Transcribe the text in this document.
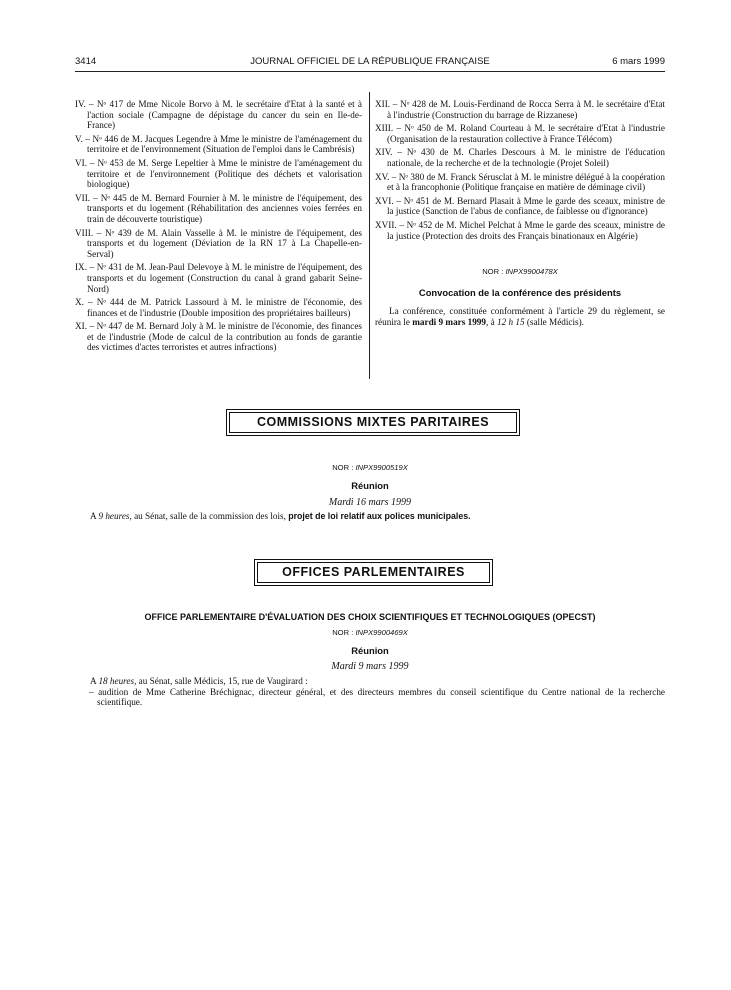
3414	JOURNAL OFFICIEL DE LA RÉPUBLIQUE FRANÇAISE	6 mars 1999
IV. – Nᵒ 417 de Mme Nicole Borvo à M. le secrétaire d'Etat à la santé et à l'action sociale (Campagne de dépistage du cancer du sein en Ile-de-France)
V. – Nᵒ 446 de M. Jacques Legendre à Mme le ministre de l'aménagement du territoire et de l'environnement (Situation de l'emploi dans le Cambrésis)
VI. – Nᵒ 453 de M. Serge Lepeltier à Mme le ministre de l'aménagement du territoire et de l'environnement (Politique des déchets et valorisation biologique)
VII. – Nᵒ 445 de M. Bernard Fournier à M. le ministre de l'équipement, des transports et du logement (Réhabilitation des anciennes voies ferrées en train de découverte touristique)
VIII. – Nᵒ 439 de M. Alain Vasselle à M. le ministre de l'équipement, des transports et du logement (Déviation de la RN 17 à La Chapelle-en-Serval)
IX. – Nᵒ 431 de M. Jean-Paul Delevoye à M. le ministre de l'équipement, des transports et du logement (Construction du canal à grand gabarit Seine-Nord)
X. – Nᵒ 444 de M. Patrick Lassourd à M. le ministre de l'économie, des finances et de l'industrie (Double imposition des propriétaires bailleurs)
XI. – Nᵒ 447 de M. Bernard Joly à M. le ministre de l'économie, des finances et de l'industrie (Mode de calcul de la contribution au fonds de garantie des victimes d'actes terroristes et autres infractions)
XII. – Nᵒ 428 de M. Louis-Ferdinand de Rocca Serra à M. le secrétaire d'Etat à l'industrie (Construction du barrage de Rizzanese)
XIII. – Nᵒ 450 de M. Roland Courteau à M. le secrétaire d'Etat à l'industrie (Organisation de la restauration collective à France Télécom)
XIV. – Nᵒ 430 de M. Charles Descours à M. le ministre de l'éducation nationale, de la recherche et de la technologie (Projet Soleil)
XV. – Nᵒ 380 de M. Franck Sérusclat à M. le ministre délégué à la coopération et à la francophonie (Politique française en matière de déminage civil)
XVI. – Nᵒ 451 de M. Bernard Plasait à Mme le garde des sceaux, ministre de la justice (Sanction de l'abus de confiance, de faiblesse ou d'ignorance)
XVII. – Nᵒ 452 de M. Michel Pelchat à Mme le garde des sceaux, ministre de la justice (Protection des droits des Français binationaux en Algérie)
NOR : INPX9900478X
Convocation de la conférence des présidents
La conférence, constituée conformément à l'article 29 du règlement, se réunira le mardi 9 mars 1999, à 12 h 15 (salle Médicis).
COMMISSIONS MIXTES PARITAIRES
NOR : INPX9900519X
Réunion
Mardi 16 mars 1999
A 9 heures, au Sénat, salle de la commission des lois, projet de loi relatif aux polices municipales.
OFFICES PARLEMENTAIRES
OFFICE PARLEMENTAIRE D'ÉVALUATION DES CHOIX SCIENTIFIQUES ET TECHNOLOGIQUES (OPECST)
NOR : INPX9900469X
Réunion
Mardi 9 mars 1999
A 18 heures, au Sénat, salle Médicis, 15, rue de Vaugirard :
– audition de Mme Catherine Bréchignac, directeur général, et des directeurs membres du conseil scientifique du Centre national de la recherche scientifique.
